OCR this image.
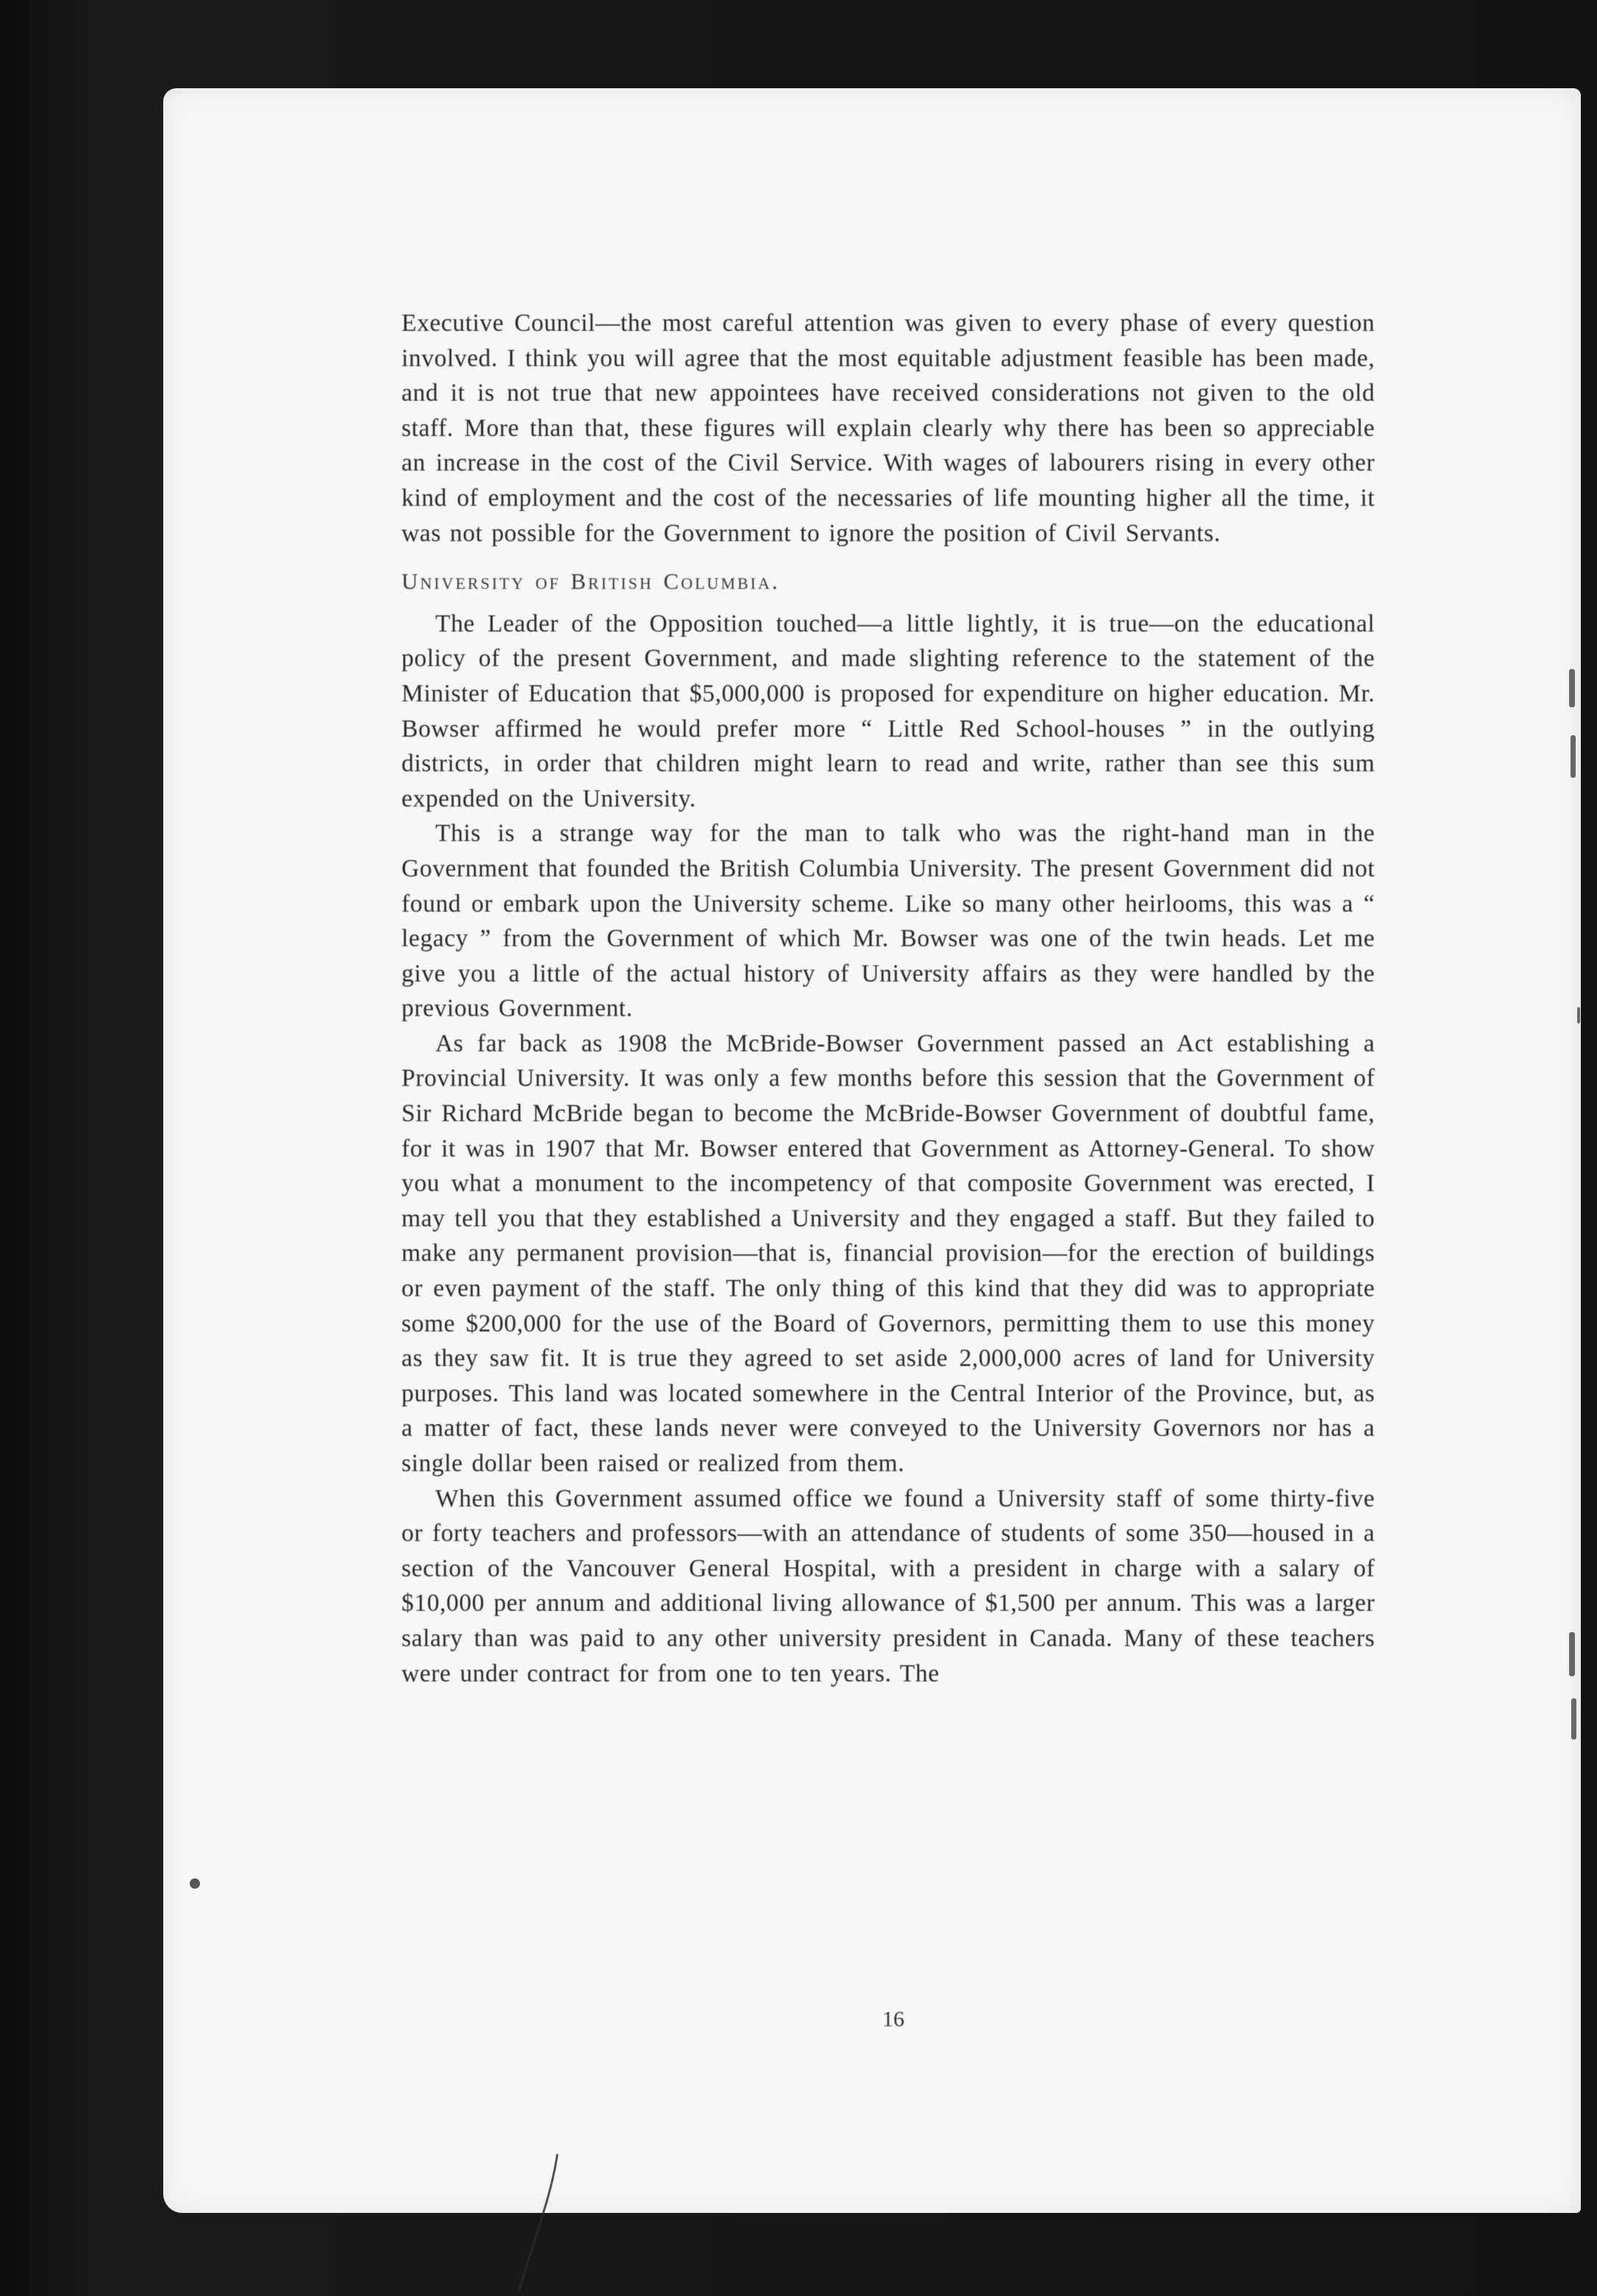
Executive Council—the most careful attention was given to every phase of every question involved. I think you will agree that the most equitable adjustment feasible has been made, and it is not true that new appointees have received considerations not given to the old staff. More than that, these figures will explain clearly why there has been so appreciable an increase in the cost of the Civil Service. With wages of labourers rising in every other kind of employment and the cost of the necessaries of life mounting higher all the time, it was not possible for the Government to ignore the position of Civil Servants.

University of British Columbia.

The Leader of the Opposition touched—a little lightly, it is true—on the educational policy of the present Government, and made slighting reference to the statement of the Minister of Education that $5,000,000 is proposed for expenditure on higher education. Mr. Bowser affirmed he would prefer more “ Little Red School-houses ” in the outlying districts, in order that children might learn to read and write, rather than see this sum expended on the University.

This is a strange way for the man to talk who was the right-hand man in the Government that founded the British Columbia University. The present Government did not found or embark upon the University scheme. Like so many other heirlooms, this was a “ legacy ” from the Government of which Mr. Bowser was one of the twin heads. Let me give you a little of the actual history of University affairs as they were handled by the previous Government.

As far back as 1908 the McBride-Bowser Government passed an Act establishing a Provincial University. It was only a few months before this session that the Government of Sir Richard McBride began to become the McBride-Bowser Government of doubtful fame, for it was in 1907 that Mr. Bowser entered that Government as Attorney-General. To show you what a monument to the incompetency of that composite Government was erected, I may tell you that they established a University and they engaged a staff. But they failed to make any permanent provision—that is, financial provision—for the erection of buildings or even payment of the staff. The only thing of this kind that they did was to appropriate some $200,000 for the use of the Board of Governors, permitting them to use this money as they saw fit. It is true they agreed to set aside 2,000,000 acres of land for University purposes. This land was located somewhere in the Central Interior of the Province, but, as a matter of fact, these lands never were conveyed to the University Governors nor has a single dollar been raised or realized from them.

When this Government assumed office we found a University staff of some thirty-five or forty teachers and professors—with an attendance of students of some 350—housed in a section of the Vancouver General Hospital, with a president in charge with a salary of $10,000 per annum and additional living allowance of $1,500 per annum. This was a larger salary than was paid to any other university president in Canada. Many of these teachers were under contract for from one to ten years. The

16
